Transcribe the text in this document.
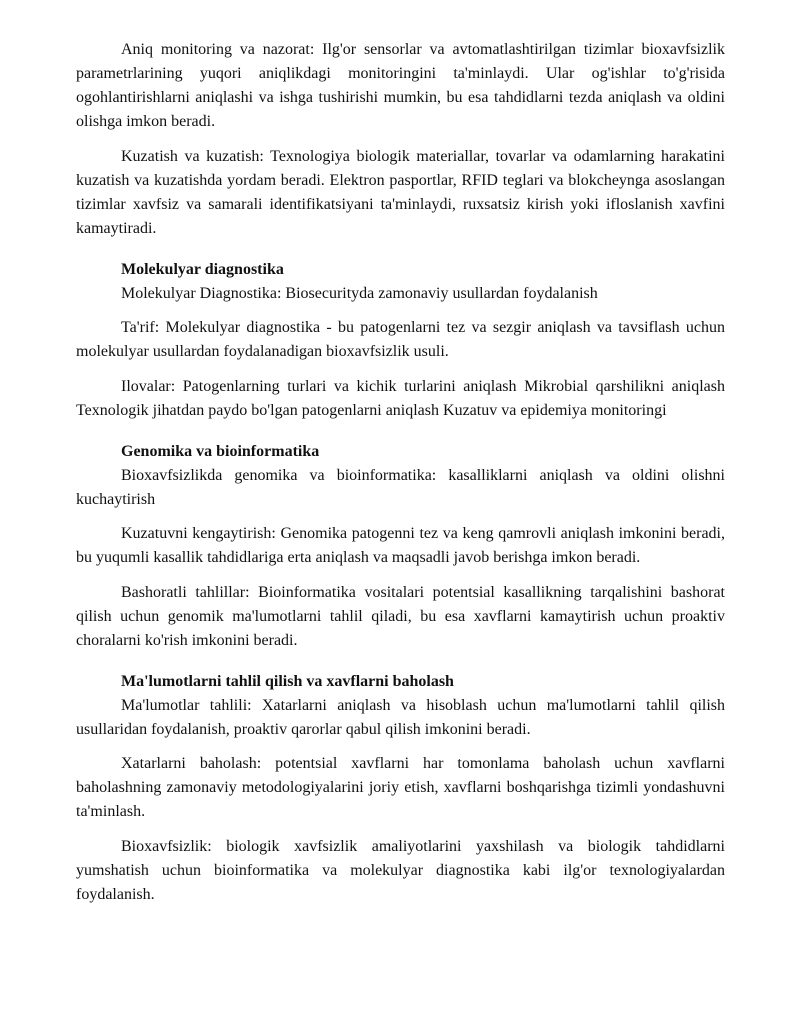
Aniq monitoring va nazorat: Ilg'or sensorlar va avtomatlashtirilgan tizimlar bioxavfsizlik parametrlarining yuqori aniqlikdagi monitoringini ta'minlaydi. Ular og'ishlar to'g'risida ogohlantirishlarni aniqlashi va ishga tushirishi mumkin, bu esa tahdidlarni tezda aniqlash va oldini olishga imkon beradi.

Kuzatish va kuzatish: Texnologiya biologik materiallar, tovarlar va odamlarning harakatini kuzatish va kuzatishda yordam beradi. Elektron pasportlar, RFID teglari va blokcheynga asoslangan tizimlar xavfsiz va samarali identifikatsiyani ta'minlaydi, ruxsatsiz kirish yoki ifloslanish xavfini kamaytiradi.

Molekulyar diagnostika

Molekulyar Diagnostika: Biosecurityda zamonaviy usullardan foydalanish

Ta'rif: Molekulyar diagnostika - bu patogenlarni tez va sezgir aniqlash va tavsiflash uchun molekulyar usullardan foydalanadigan bioxavfsizlik usuli.

Ilovalar: Patogenlarning turlari va kichik turlarini aniqlash Mikrobial qarshilikni aniqlash Texnologik jihatdan paydo bo'lgan patogenlarni aniqlash Kuzatuv va epidemiya monitoringi

Genomika va bioinformatika

Bioxavfsizlikda genomika va bioinformatika: kasalliklarni aniqlash va oldini olishni kuchaytirish

Kuzatuvni kengaytirish: Genomika patogenni tez va keng qamrovli aniqlash imkonini beradi, bu yuqumli kasallik tahdidlariga erta aniqlash va maqsadli javob berishga imkon beradi.

Bashoratli tahlillar: Bioinformatika vositalari potentsial kasallikning tarqalishini bashorat qilish uchun genomik ma'lumotlarni tahlil qiladi, bu esa xavflarni kamaytirish uchun proaktiv choralarni ko'rish imkonini beradi.

Ma'lumotlarni tahlil qilish va xavflarni baholash

Ma'lumotlar tahlili: Xatarlarni aniqlash va hisoblash uchun ma'lumotlarni tahlil qilish usullaridan foydalanish, proaktiv qarorlar qabul qilish imkonini beradi.

Xatarlarni baholash: potentsial xavflarni har tomonlama baholash uchun xavflarni baholashning zamonaviy metodologiyalarini joriy etish, xavflarni boshqarishga tizimli yondashuvni ta'minlash.

Bioxavfsizlik: biologik xavfsizlik amaliyotlarini yaxshilash va biologik tahdidlarni yumshatish uchun bioinformatika va molekulyar diagnostika kabi ilg'or texnologiyalardan foydalanish.
